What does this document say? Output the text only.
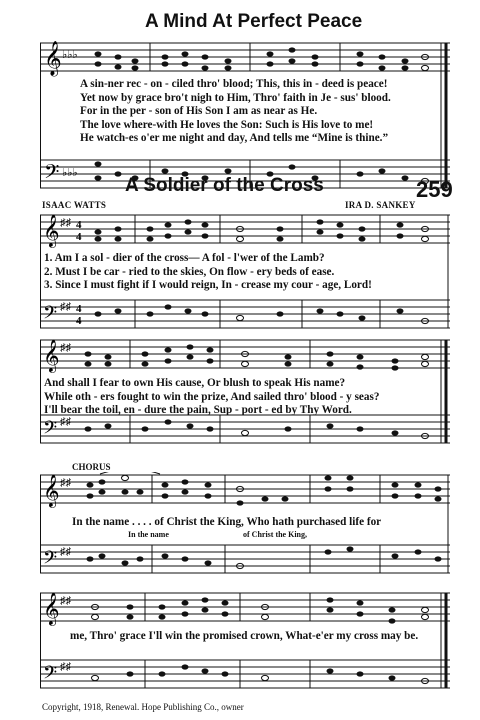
A Mind At Perfect Peace
𝄞
𝄢
♭♭♭
♭♭♭
A sin-ner rec - on - ciled thro' blood; This, this in - deed is peace!
Yet now by grace bro't nigh to Him, Thro' faith in Je - sus' blood.
For in the per - son of His Son I am as near as He.
The love where-with He loves the Son: Such is His love to me!
He watch-es o'er me night and day, And tells me “Mine is thine.”
A Soldier of the Cross	259
ISAAC WATTS	IRA D. SANKEY
𝄞
𝄢
♯♯
♯♯
4
4
4
4
1. Am I a sol - dier of the cross— A fol - l'wer of the Lamb?
2. Must I be car - ried to the skies, On flow - ery beds of ease.
3. Since I must fight if I would reign, In - crease my cour - age, Lord!
𝄞
𝄢
♯♯
♯♯
And shall I fear to own His cause, Or blush to speak His name?
While oth - ers fought to win the prize, And sailed thro' blood - y seas?
I'll bear the toil, en - dure the pain, Sup - port - ed by Thy Word.
CHORUS
𝄞
𝄢
♯♯
♯♯
In the name . . . . of Christ the King, Who hath purchased life for
In the name	of Christ the King,
𝄞
𝄢
♯♯
♯♯
me, Thro' grace I'll win the promised crown, What-e'er my cross may be.
Copyright, 1918, Renewal. Hope Publishing Co., owner
